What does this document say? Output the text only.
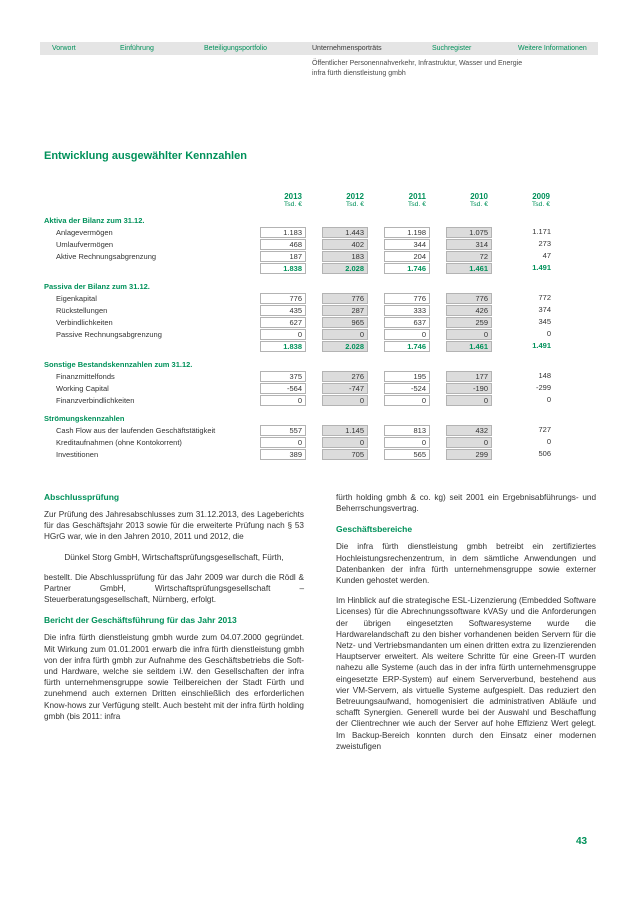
Vorwort	Einführung	Beteiligungsportfolio	Unternehmensporträts	Suchregister	Weitere Informationen
Öffentlicher Personennahverkehr, Infrastruktur, Wasser und Energie
infra fürth dienstleistung gmbh
Entwicklung ausgewählter Kennzahlen
2013
Tsd. €
2012
Tsd. €
2011
Tsd. €
2010
Tsd. €
2009
Tsd. €
Aktiva der Bilanz zum 31.12.
Anlagevermögen	1.183	1.443	1.198	1.075	1.171
Umlaufvermögen	468	402	344	314	273
Aktive Rechnungsabgrenzung	187	183	204	72	47
1.838	2.028	1.746	1.461	1.491
Passiva der Bilanz zum 31.12.
Eigenkapital	776	776	776	776	772
Rückstellungen	435	287	333	426	374
Verbindlichkeiten	627	965	637	259	345
Passive Rechnungsabgrenzung	0	0	0	0	0
1.838	2.028	1.746	1.461	1.491
Sonstige Bestandskennzahlen zum 31.12.
Finanzmittelfonds	375	276	195	177	148
Working Capital	-564	-747	-524	-190	-299
Finanzverbindlichkeiten	0	0	0	0	0
Strömungskennzahlen
Cash Flow aus der laufenden Geschäftstätigkeit	557	1.145	813	432	727
Kreditaufnahmen (ohne Kontokorrent)	0	0	0	0	0
Investitionen	389	705	565	299	506
Abschlussprüfung

Zur Prüfung des Jahresabschlusses zum 31.12.2013, des Lageberichts für das Geschäftsjahr 2013 sowie für die erweiterte Prüfung nach § 53 HGrG war, wie in den Jahren 2010, 2011 und 2012, die

Dünkel Storg GmbH, Wirtschaftsprüfungsgesellschaft, Fürth,

bestellt. Die Abschlussprüfung für das Jahr 2009 war durch die Rödl & Partner GmbH, Wirtschaftsprüfungsgesellschaft – Steuerberatungsgesellschaft, Nürnberg, erfolgt.

Bericht der Geschäftsführung für das Jahr 2013

Die infra fürth dienstleistung gmbh wurde zum 04.07.2000 gegründet. Mit Wirkung zum 01.01.2001 erwarb die infra fürth dienstleistung gmbh von der infra fürth gmbh zur Aufnahme des Geschäftsbetriebs die Soft- und Hardware, welche sie seitdem i.W. den Gesellschaften der infra fürth unternehmensgruppe sowie Teilbereichen der Stadt Fürth und zunehmend auch externen Dritten einschließlich des erforderlichen Know-hows zur Verfügung stellt. Auch besteht mit der infra fürth holding gmbh (bis 2011: infra

fürth holding gmbh & co. kg) seit 2001 ein Ergebnisabführungs- und Beherrschungsvertrag.

Geschäftsbereiche

Die infra fürth dienstleistung gmbh betreibt ein zertifiziertes Hochleistungsrechenzentrum, in dem sämtliche Anwendungen und Datenbanken der infra fürth unternehmensgruppe sowie externer Kunden gehostet werden.

Im Hinblick auf die strategische ESL-Lizenzierung (Embedded Software Licenses) für die Abrechnungssoftware kVASy und die Anforderungen der übrigen eingesetzten Softwaresysteme wurde die Hardwarelandschaft zu den bisher vorhandenen beiden Servern für die Netz- und Vertriebsmandanten um einen dritten extra zu lizenzierenden Hauptserver erweitert. Als weitere Schritte für eine Green-IT wurden nahezu alle Systeme (auch das in der infra fürth unternehmensgruppe eingesetzte ERP-System) auf einem Serververbund, bestehend aus vier VM-Servern, als virtuelle Systeme aufgespielt. Das reduziert den Betreuungsaufwand, homogenisiert die administrativen Abläufe und schafft Synergien. Generell wurde bei der Auswahl und Beschaffung der Clientrechner wie auch der Server auf hohe Effizienz Wert gelegt. Im Backup-Bereich konnten durch den Einsatz einer modernen zweistufigen

43
